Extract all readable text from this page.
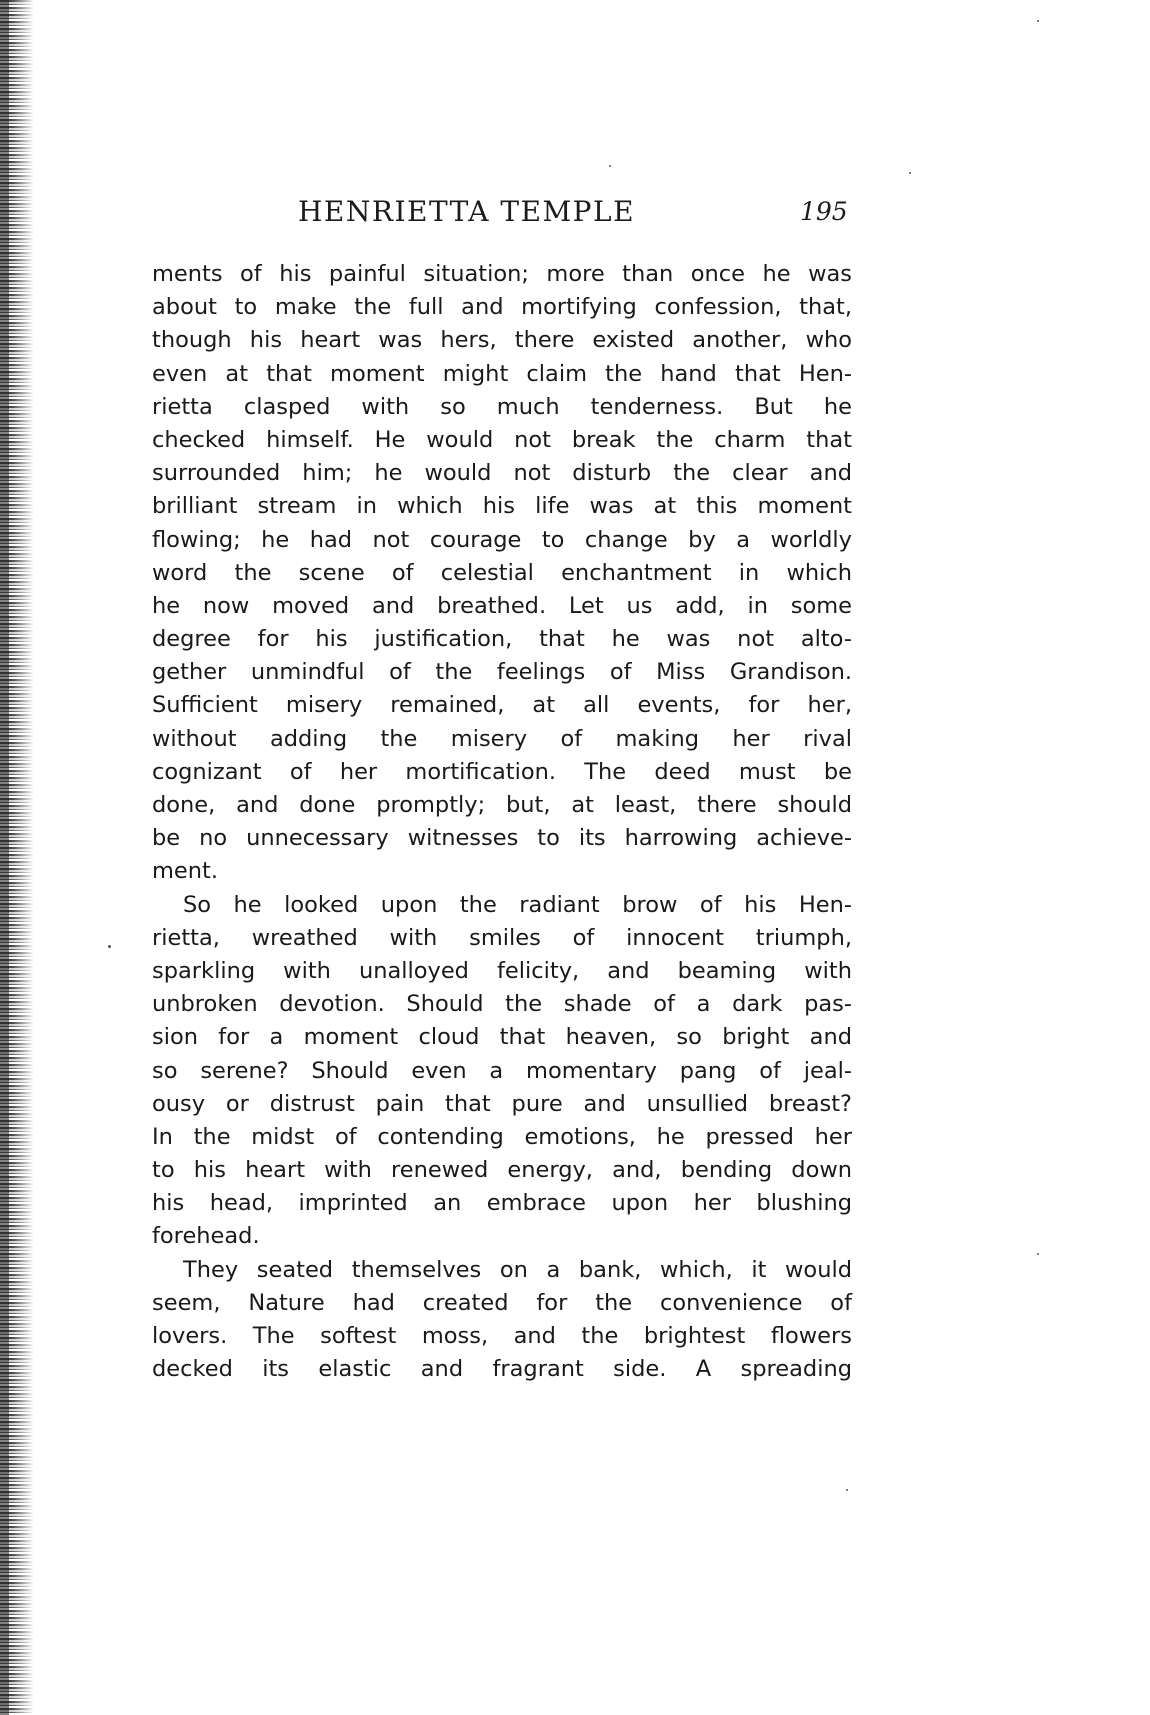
HENRIETTA TEMPLE	195
ments of his painful situation; more than once he was
about to make the full and mortifying confession, that,
though his heart was hers, there existed another, who
even at that moment might claim the hand that Hen-
rietta clasped with so much tenderness. But he
checked himself. He would not break the charm that
surrounded him; he would not disturb the clear and
brilliant stream in which his life was at this moment
flowing; he had not courage to change by a worldly
word the scene of celestial enchantment in which
he now moved and breathed. Let us add, in some
degree for his justification, that he was not alto-
gether unmindful of the feelings of Miss Grandison.
Sufficient misery remained, at all events, for her,
without adding the misery of making her rival
cognizant of her mortification. The deed must be
done, and done promptly; but, at least, there should
be no unnecessary witnesses to its harrowing achieve-
ment.
So he looked upon the radiant brow of his Hen-
rietta, wreathed with smiles of innocent triumph,
sparkling with unalloyed felicity, and beaming with
unbroken devotion. Should the shade of a dark pas-
sion for a moment cloud that heaven, so bright and
so serene? Should even a momentary pang of jeal-
ousy or distrust pain that pure and unsullied breast?
In the midst of contending emotions, he pressed her
to his heart with renewed energy, and, bending down
his head, imprinted an embrace upon her blushing
forehead.
They seated themselves on a bank, which, it would
seem, Nature had created for the convenience of
lovers. The softest moss, and the brightest flowers
decked its elastic and fragrant side. A spreading
